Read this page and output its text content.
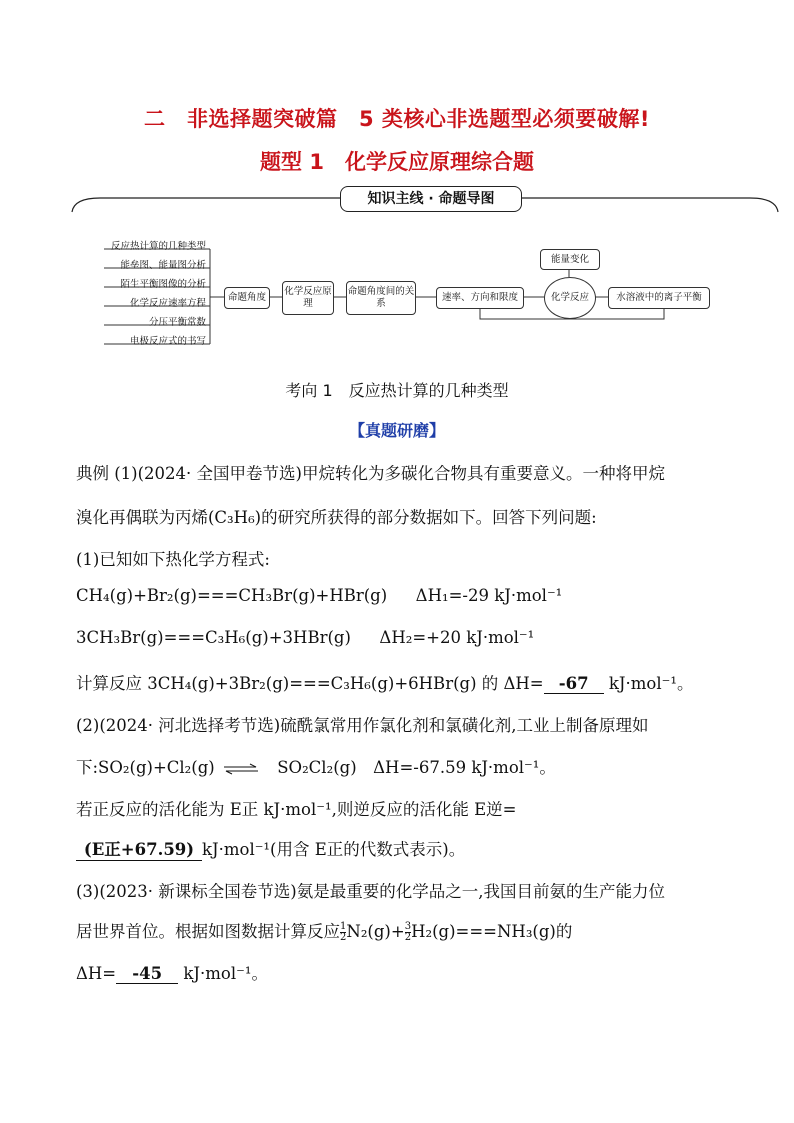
二　非选择题突破篇　5 类核心非选题型必须要破解!
题型 1　化学反应原理综合题
知识主线 · 命题导图
反应热计算的几种类型
能垒图、能量图分析
陌生平衡图像的分析
化学反应速率方程
分压平衡常数
电极反应式的书写
命题角度
化学反应原理
命题角度间的关系
速率、方向和限度	化学反应
能量变化
水溶液中的离子平衡
考向 1　反应热计算的几种类型
【真题研磨】
典例 (1)(2024· 全国甲卷节选)甲烷转化为多碳化合物具有重要意义。一种将甲烷
溴化再偶联为丙烯(C₃H₆)的研究所获得的部分数据如下。回答下列问题:
(1)已知如下热化学方程式:
CH₄(g)+Br₂(g)===CH₃Br(g)+HBr(g) ΔH₁=-29 kJ·mol⁻¹
3CH₃Br(g)===C₃H₆(g)+3HBr(g) ΔH₂=+20 kJ·mol⁻¹
计算反应 3CH₄(g)+3Br₂(g)===C₃H₆(g)+6HBr(g) 的 ΔH= -67 kJ·mol⁻¹。
(2)(2024· 河北选择考节选)硫酰氯常用作氯化剂和氯磺化剂,工业上制备原理如
下:SO₂(g)+Cl₂(g) ⇌ SO₂Cl₂(g)　ΔH=-67.59 kJ·mol⁻¹。
若正反应的活化能为 E正 kJ·mol⁻¹,则逆反应的活化能 E逆=
(E正+67.59) kJ·mol⁻¹(用含 E正的代数式表示)。
(3)(2023· 新课标全国卷节选)氨是最重要的化学品之一,我国目前氨的生产能力位
居世界首位。根据如图数据计算反应 $\frac{1}{2} N_2(g)+ \frac{3}{2} H_2(g)===NH_3(g)$的
ΔH= -45 kJ·mol⁻¹。
